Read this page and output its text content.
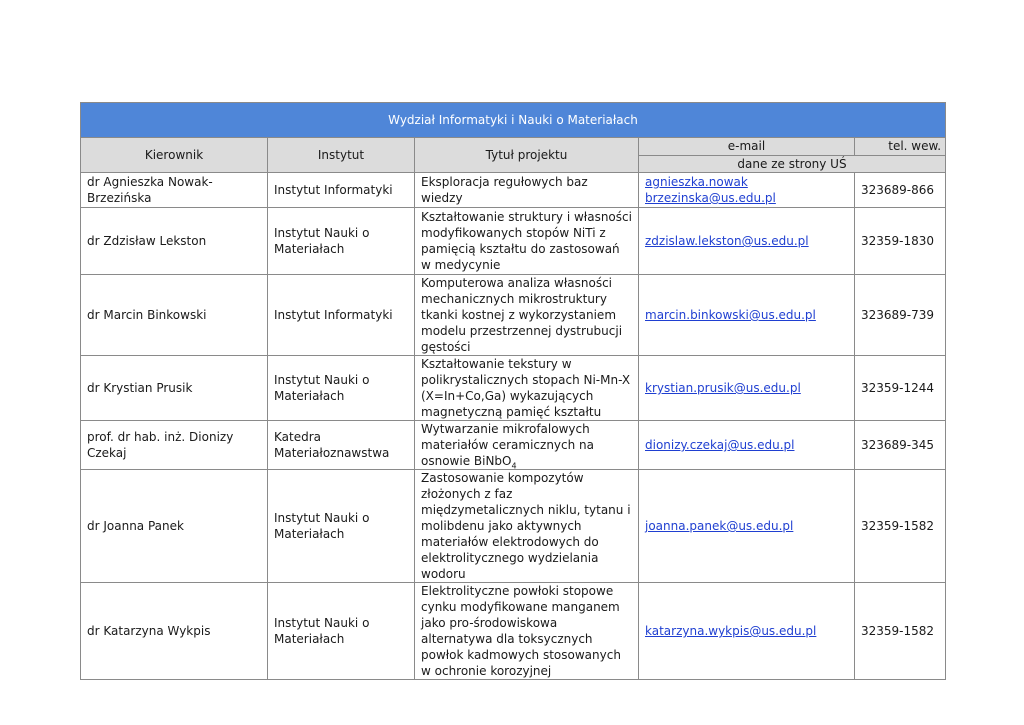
Wydział Informatyki i Nauki o Materiałach				
Kierownik	Instytut	Tytuł projektu	e-mail	tel. wew.
			dane ze strony UŚ	
dr Agnieszka Nowak-Brzezińska	Instytut Informatyki	Eksploracja regułowych baz wiedzy	agnieszka.nowak brzezinska@us.edu.pl	323689-866
dr Zdzisław Lekston	Instytut Nauki o Materiałach	Kształtowanie struktury i własności modyfikowanych stopów NiTi z pamięcią kształtu do zastosowań w medycynie	zdzislaw.lekston@us.edu.pl	32359-1830
dr Marcin Binkowski	Instytut Informatyki	Komputerowa analiza własności mechanicznych mikrostruktury tkanki kostnej z wykorzystaniem modelu przestrzennej dystrubucji gęstości	marcin.binkowski@us.edu.pl	323689-739
dr Krystian Prusik	Instytut Nauki o Materiałach	Kształtowanie tekstury w polikrystalicznych stopach Ni-Mn-X (X=In+Co,Ga) wykazujących magnetyczną pamięć kształtu	krystian.prusik@us.edu.pl	32359-1244
prof. dr hab. inż. Dionizy Czekaj	Katedra Materiałoznawstwa	Wytwarzanie mikrofalowych materiałów ceramicznych na osnowie BiNbO$_4$	dionizy.czekaj@us.edu.pl	323689-345
dr Joanna Panek	Instytut Nauki o Materiałach	Zastosowanie kompozytów złożonych z faz międzymetalicznych niklu, tytanu i molibdenu jako aktywnych materiałów elektrodowych do elektrolitycznego wydzielania wodoru	joanna.panek@us.edu.pl	32359-1582
dr Katarzyna Wykpis	Instytut Nauki o Materiałach	Elektrolityczne powłoki stopowe cynku modyfikowane manganem jako pro-środowiskowa alternatywa dla toksycznych powłok kadmowych stosowanych w ochronie korozyjnej	katarzyna.wykpis@us.edu.pl	32359-1582
